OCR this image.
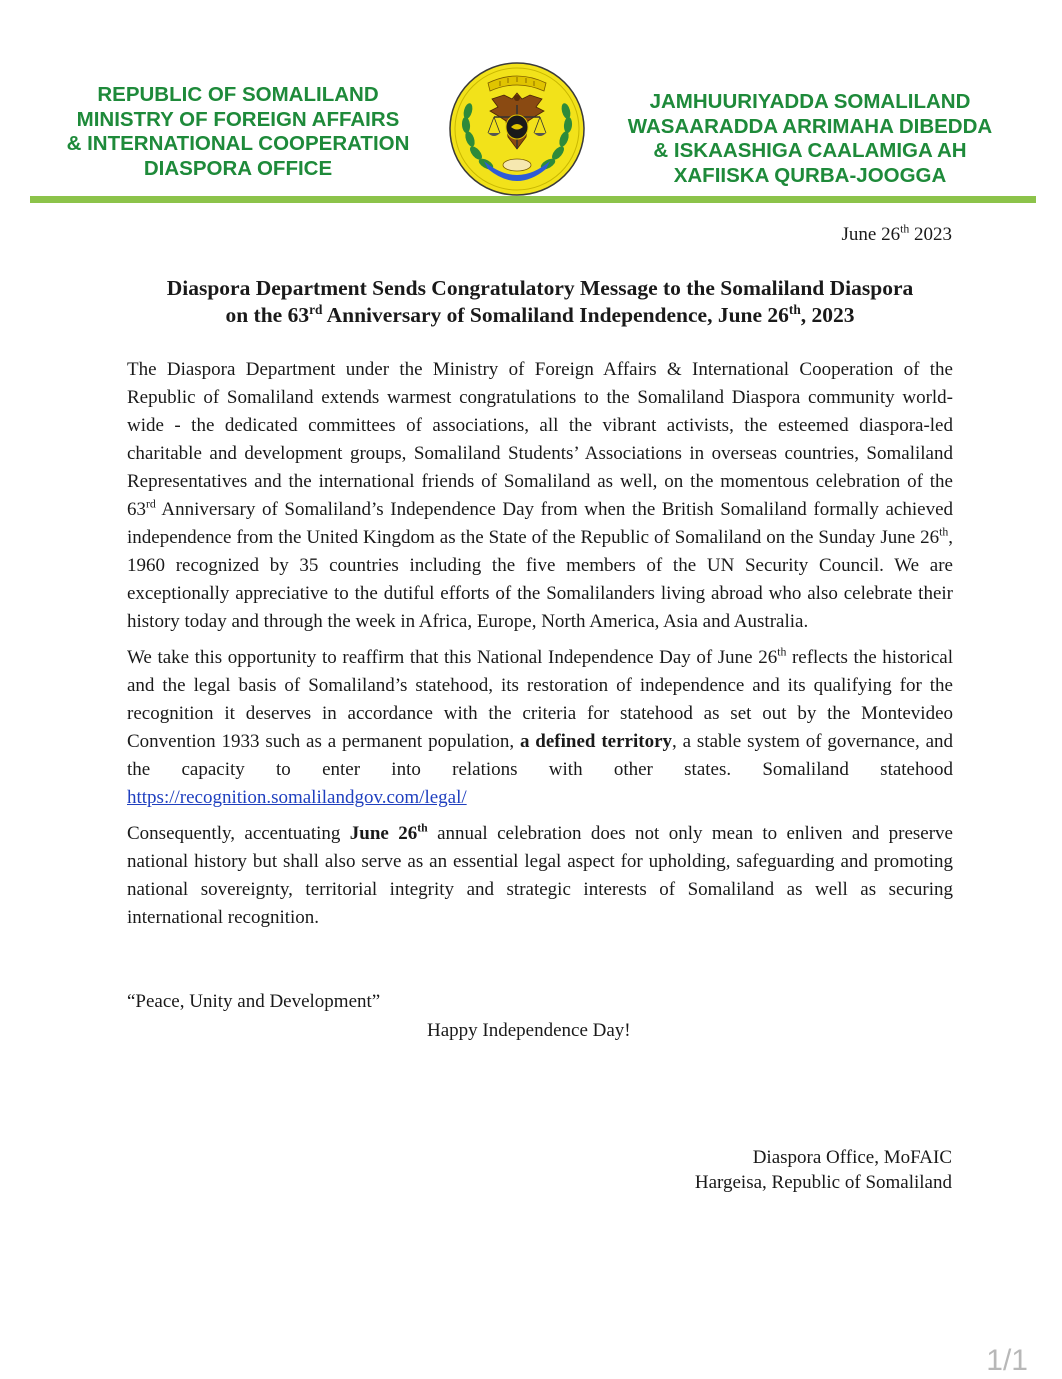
REPUBLIC OF SOMALILAND
MINISTRY OF FOREIGN AFFAIRS
& INTERNATIONAL COOPERATION
DIASPORA OFFICE
JAMHUURIYADDA SOMALILAND
WASAARADDA ARRIMAHA DIBEDDA
& ISKAASHIGA CAALAMIGA AH
XAFIISKA QURBA-JOOGGA
June 26th 2023
Diaspora Department Sends Congratulatory Message to the Somaliland Diaspora
on the 63rd Anniversary of Somaliland Independence, June 26th, 2023

The Diaspora Department under the Ministry of Foreign Affairs & International Cooperation of the Republic of Somaliland extends warmest congratulations to the Somaliland Diaspora community world-wide - the dedicated committees of associations, all the vibrant activists, the esteemed diaspora-led charitable and development groups, Somaliland Students’ Associations in overseas countries, Somaliland Representatives and the international friends of Somaliland as well, on the momentous celebration of the 63rd Anniversary of Somaliland’s Independence Day from when the British Somaliland formally achieved independence from the United Kingdom as the State of the Republic of Somaliland on the Sunday June 26th, 1960 recognized by 35 countries including the five members of the UN Security Council. We are exceptionally appreciative to the dutiful efforts of the Somalilanders living abroad who also celebrate their history today and through the week in Africa, Europe, North America, Asia and Australia.

We take this opportunity to reaffirm that this National Independence Day of June 26th reflects the historical and the legal basis of Somaliland’s statehood, its restoration of independence and its qualifying for the recognition it deserves in accordance with the criteria for statehood as set out by the Montevideo Convention 1933 such as a permanent population, a defined territory, a stable system of governance, and the capacity to enter into relations with other states. Somaliland statehood https://recognition.somalilandgov.com/legal/

Consequently, accentuating June 26th annual celebration does not only mean to enliven and preserve national history but shall also serve as an essential legal aspect for upholding, safeguarding and promoting national sovereignty, territorial integrity and strategic interests of Somaliland as well as securing international recognition.

“Peace, Unity and Development”
Happy Independence Day!
Diaspora Office, MoFAIC
Hargeisa, Republic of Somaliland
1/1
